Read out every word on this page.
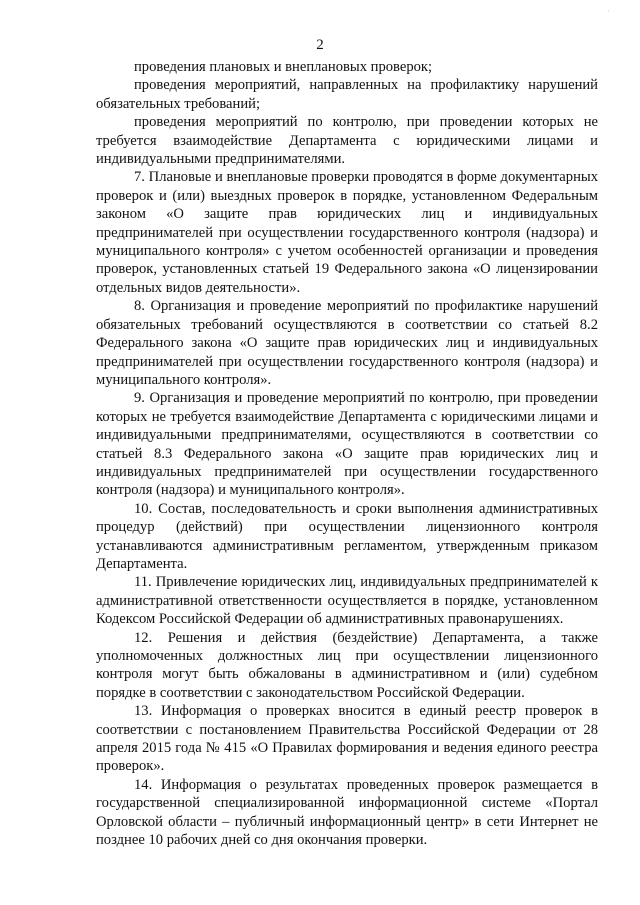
·
2

проведения плановых и внеплановых проверок;

проведения мероприятий, направленных на профилактику нарушений обязательных требований;

проведения мероприятий по контролю, при проведении которых не требуется взаимодействие Департамента с юридическими лицами и индивидуальными предпринимателями.

7. Плановые и внеплановые проверки проводятся в форме документарных проверок и (или) выездных проверок в порядке, установленном Федеральным законом «О защите прав юридических лиц и индивидуальных предпринимателей при осуществлении государственного контроля (надзора) и муниципального контроля» с учетом особенностей организации и проведения проверок, установленных статьей 19 Федерального закона «О лицензировании отдельных видов деятельности».

8. Организация и проведение мероприятий по профилактике нарушений обязательных требований осуществляются в соответствии со статьей 8.2 Федерального закона «О защите прав юридических лиц и индивидуальных предпринимателей при осуществлении государственного контроля (надзора) и муниципального контроля».

9. Организация и проведение мероприятий по контролю, при проведении которых не требуется взаимодействие Департамента с юридическими лицами и индивидуальными предпринимателями, осуществляются в соответствии со статьей 8.3 Федерального закона «О защите прав юридических лиц и индивидуальных предпринимателей при осуществлении государственного контроля (надзора) и муниципального контроля».

10. Состав, последовательность и сроки выполнения административных процедур (действий) при осуществлении лицензионного контроля устанавливаются административным регламентом, утвержденным приказом Департамента.

11. Привлечение юридических лиц, индивидуальных предпринимателей к административной ответственности осуществляется в порядке, установленном Кодексом Российской Федерации об административных правонарушениях.

12. Решения и действия (бездействие) Департамента, а также уполномоченных должностных лиц при осуществлении лицензионного контроля могут быть обжалованы в административном и (или) судебном порядке в соответствии с законодательством Российской Федерации.

13. Информация о проверках вносится в единый реестр проверок в соответствии с постановлением Правительства Российской Федерации от 28 апреля 2015 года № 415 «О Правилах формирования и ведения единого реестра проверок».

14. Информация о результатах проведенных проверок размещается в государственной специализированной информационной системе «Портал Орловской области – публичный информационный центр» в сети Интернет не позднее 10 рабочих дней со дня окончания проверки.
